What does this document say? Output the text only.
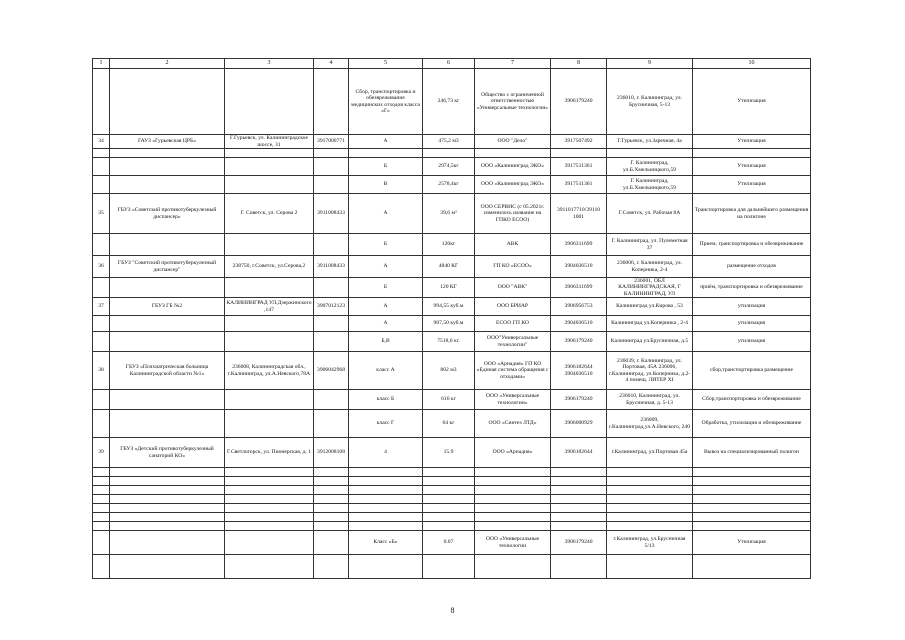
1	2	3	4	5	6	7	8	9	10
				Сбор, транспортировка и обезвреживание медицинских отходов класса «Г»	246,73 кг	Общество с ограниченной ответственностью «Универсальные технологии»	3906179240	236010, г. Калининград, ул. Брусничная, 5-13	Утилизация
34	ГАУЗ «Гурьевская ЦРБ»	Г.Гурьевск, ул. Калининградское шоссе, 31	3917000771	А	475,2 м3	ООО "Дело"	3917507492	Г.Гурьевск, ул.Заречная, 4а	Утилизация

				Б	2974,5кг	ООО «Калининград ЭКО»	3917511361	Г. Калининград, ул.Б.Хмельницкого,59	Утилизация
				В	2578,4кг	ООО «Калининград ЭКО»	3917511361	Г. Калининград, ул.Б.Хмельницкого,59	Утилизация
35	ГБУЗ «Советский противотуберкулезный диспансер»	Г. Советск, ул. Серова 2	3911008433	А	39,6 м³	ООО СЕРВИС (с 05.2021г. изменилось название на ГПКО ЕСОО)	3911017710/39110 1001	Г.Советск, ул. Рабочая 8А	Транспортировка для дальнейшего размещения на полигоне
				Б	120кг	АВК	3906311699	Г. Калининград, ул. Пулеметная 37	Прием, транспортировка и обезвреживание
36	ГБУЗ "Советский противотуберкулезный диспансер"	238750, г.Советск, ул.Серова,2	3911008433	А	4840 КГ	ГП КО «ЕСОО»	3904036510	236006, г. Калининград, ул. Коперника, 2-4	размещение отходов
				Б	120 КГ	ООО "АВК"	3906311699	236001, ОБЛ КАЛИНИНГРАДСКАЯ, Г КАЛИНИНГРАД, УЛ	приём, транспортировка и обезвреживание
37	ГБУЗ ГБ №2	КАЛИНИНГРАД УЛ.Дзержинского ,147	3907012123	А	994,55 куб.м	ООО БРИАР	3906956753	Калининград ул.Кирова , 53	утилизация
				А	907,50 куб.м	ЕСОО ГП КО	3904036510	Калининград ул.Коперника , 2-4	утилизация
				Б,В	7518,6 кг.	ООО"Универсальные технологии"	3906179240	Калининград ул.Брусничная, д.5	утилизация
38	ГБУЗ «Психиатрическая больница Калининградской области №1»	236008, Калининградская обл., г.Калининград, ул.А.Невского,78А	3906042968	класс А	802 м3	ООО «Арнадия» ГП КО «Единая система обращения с отходами»	3906182644 3904036510	236039, г. Калининград, ул. Портовая, 45А 236006, г.Калининград, ул.Коперника, д.2-4 помещ. ЛИТЕР XI	сбор,транспортировка размещение
				класс Б	616 кг	ООО «Универсальные технологии»	3906179240	236010, Калининград, ул. Брусничная, д. 5-13	Сбор,транспортировка и обезвреживание
				класс Г	64 кг	ООО «Синтез ЛТД»	3906000929	236009, г.Калининград,ул.А.Невского, 240	Обработка, утилизация и обезвреживание
39	ГБУЗ «Детский противотуберкулезный санаторий КО»	Г.Светлогорск, ул. Пионерская, д. 1	3912008108	4	15.9	ООО «Арнадия»	3906182644	г.Калининград, ул.Портовая 45а	Вывоз на специализированный полигон

				Класс «Б»	0.07	ООО «Универсальные технологии	3906179240	г.Калининград, ул.Брусничная 5/13	Утилизация

8
